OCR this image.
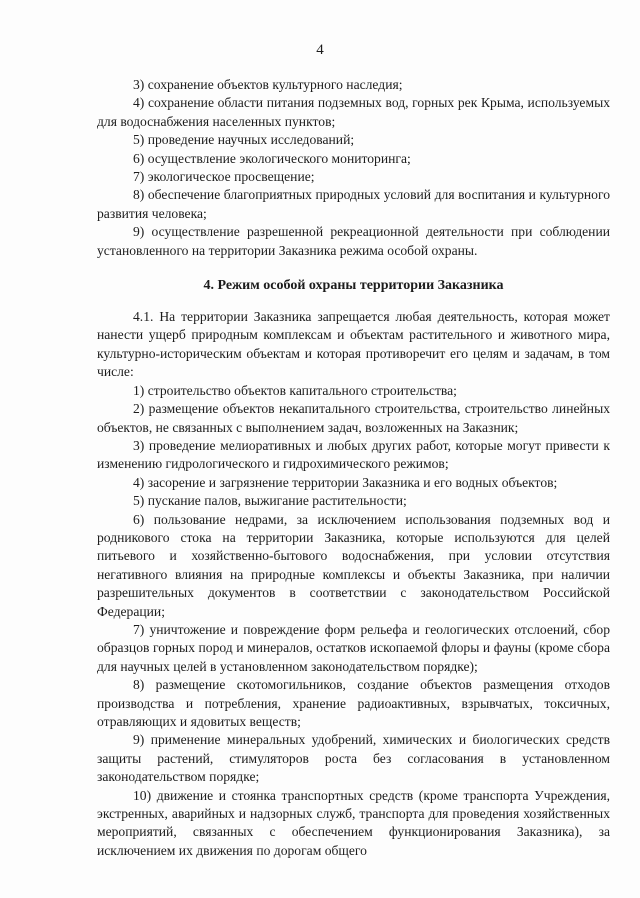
4

3) сохранение объектов культурного наследия;

4) сохранение области питания подземных вод, горных рек Крыма, используемых для водоснабжения населенных пунктов;

5) проведение научных исследований;

6) осуществление экологического мониторинга;

7) экологическое просвещение;

8) обеспечение благоприятных природных условий для воспитания и культурного развития человека;

9) осуществление разрешенной рекреационной деятельности при соблюдении установленного на территории Заказника режима особой охраны.

4. Режим особой охраны территории Заказника

4.1. На территории Заказника запрещается любая деятельность, которая может нанести ущерб природным комплексам и объектам растительного и животного мира, культурно-историческим объектам и которая противоречит его целям и задачам, в том числе:

1) строительство объектов капитального строительства;

2) размещение объектов некапитального строительства, строительство линейных объектов, не связанных с выполнением задач, возложенных на Заказник;

3) проведение мелиоративных и любых других работ, которые могут привести к изменению гидрологического и гидрохимического режимов;

4) засорение и загрязнение территории Заказника и его водных объектов;

5) пускание палов, выжигание растительности;

6) пользование недрами, за исключением использования подземных вод и родникового стока на территории Заказника, которые используются для целей питьевого и хозяйственно-бытового водоснабжения, при условии отсутствия негативного влияния на природные комплексы и объекты Заказника, при наличии разрешительных документов в соответствии с законодательством Российской Федерации;

7) уничтожение и повреждение форм рельефа и геологических отслоений, сбор образцов горных пород и минералов, остатков ископаемой флоры и фауны (кроме сбора для научных целей в установленном законодательством порядке);

8) размещение скотомогильников, создание объектов размещения отходов производства и потребления, хранение радиоактивных, взрывчатых, токсичных, отравляющих и ядовитых веществ;

9) применение минеральных удобрений, химических и биологических средств защиты растений, стимуляторов роста без согласования в установленном законодательством порядке;

10) движение и стоянка транспортных средств (кроме транспорта Учреждения, экстренных, аварийных и надзорных служб, транспорта для проведения хозяйственных мероприятий, связанных с обеспечением функционирования Заказника), за исключением их движения по дорогам общего
